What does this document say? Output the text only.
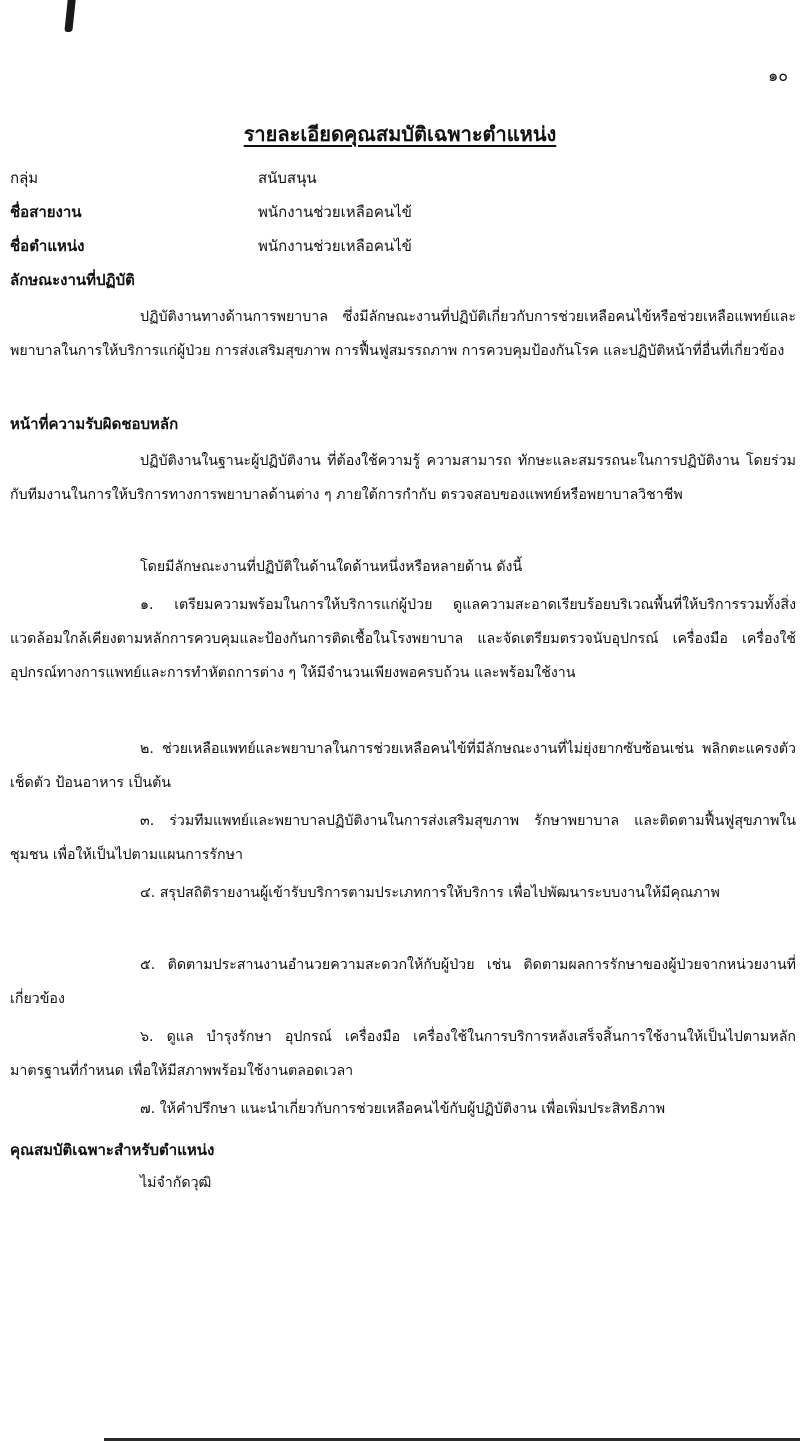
๑๐
รายละเอียดคุณสมบัติเฉพาะตำแหน่ง
กลุ่ม	สนับสนุน
ชื่อสายงาน	พนักงานช่วยเหลือคนไข้
ชื่อตำแหน่ง	พนักงานช่วยเหลือคนไข้
ลักษณะงานที่ปฏิบัติ

ปฏิบัติงานทางด้านการพยาบาล ซึ่งมีลักษณะงานที่ปฏิบัติเกี่ยวกับการช่วยเหลือคนไข้หรือช่วยเหลือแพทย์และพยาบาลในการให้บริการแก่ผู้ป่วย การส่งเสริมสุขภาพ การฟื้นฟูสมรรถภาพ การควบคุมป้องกันโรค และปฏิบัติหน้าที่อื่นที่เกี่ยวข้อง

หน้าที่ความรับผิดชอบหลัก

ปฏิบัติงานในฐานะผู้ปฏิบัติงาน ที่ต้องใช้ความรู้ ความสามารถ ทักษะและสมรรถนะในการปฏิบัติงาน โดยร่วมกับทีมงานในการให้บริการทางการพยาบาลด้านต่าง ๆ ภายใต้การกำกับ ตรวจสอบของแพทย์หรือพยาบาลวิชาชีพ

โดยมีลักษณะงานที่ปฏิบัติในด้านใดด้านหนึ่งหรือหลายด้าน ดังนี้

๑. เตรียมความพร้อมในการให้บริการแก่ผู้ป่วย ดูแลความสะอาดเรียบร้อยบริเวณพื้นที่ให้บริการรวมทั้งสิ่งแวดล้อมใกล้เคียงตามหลักการควบคุมและป้องกันการติดเชื้อในโรงพยาบาล และจัดเตรียมตรวจนับอุปกรณ์ เครื่องมือ เครื่องใช้ อุปกรณ์ทางการแพทย์และการทำหัตถการต่าง ๆ ให้มีจำนวนเพียงพอครบถ้วน และพร้อมใช้งาน

๒. ช่วยเหลือแพทย์และพยาบาลในการช่วยเหลือคนไข้ที่มีลักษณะงานที่ไม่ยุ่งยากซับซ้อนเช่น พลิกตะแครงตัว เช็ดตัว ป้อนอาหาร เป็นต้น

๓. ร่วมทีมแพทย์และพยาบาลปฏิบัติงานในการส่งเสริมสุขภาพ รักษาพยาบาล และติดตามฟื้นฟูสุขภาพในชุมชน เพื่อให้เป็นไปตามแผนการรักษา

๔. สรุปสถิติรายงานผู้เข้ารับบริการตามประเภทการให้บริการ เพื่อไปพัฒนาระบบงานให้มีคุณภาพ

๕. ติดตามประสานงานอำนวยความสะดวกให้กับผู้ป่วย เช่น ติดตามผลการรักษาของผู้ป่วยจากหน่วยงานที่เกี่ยวข้อง

๖. ดูแล บำรุงรักษา อุปกรณ์ เครื่องมือ เครื่องใช้ในการบริการหลังเสร็จสิ้นการใช้งานให้เป็นไปตามหลักมาตรฐานที่กำหนด เพื่อให้มีสภาพพร้อมใช้งานตลอดเวลา

๗. ให้คำปรึกษา แนะนำเกี่ยวกับการช่วยเหลือคนไข้กับผู้ปฏิบัติงาน เพื่อเพิ่มประสิทธิภาพ

คุณสมบัติเฉพาะสำหรับตำแหน่ง
ไม่จำกัดวุฒิ
